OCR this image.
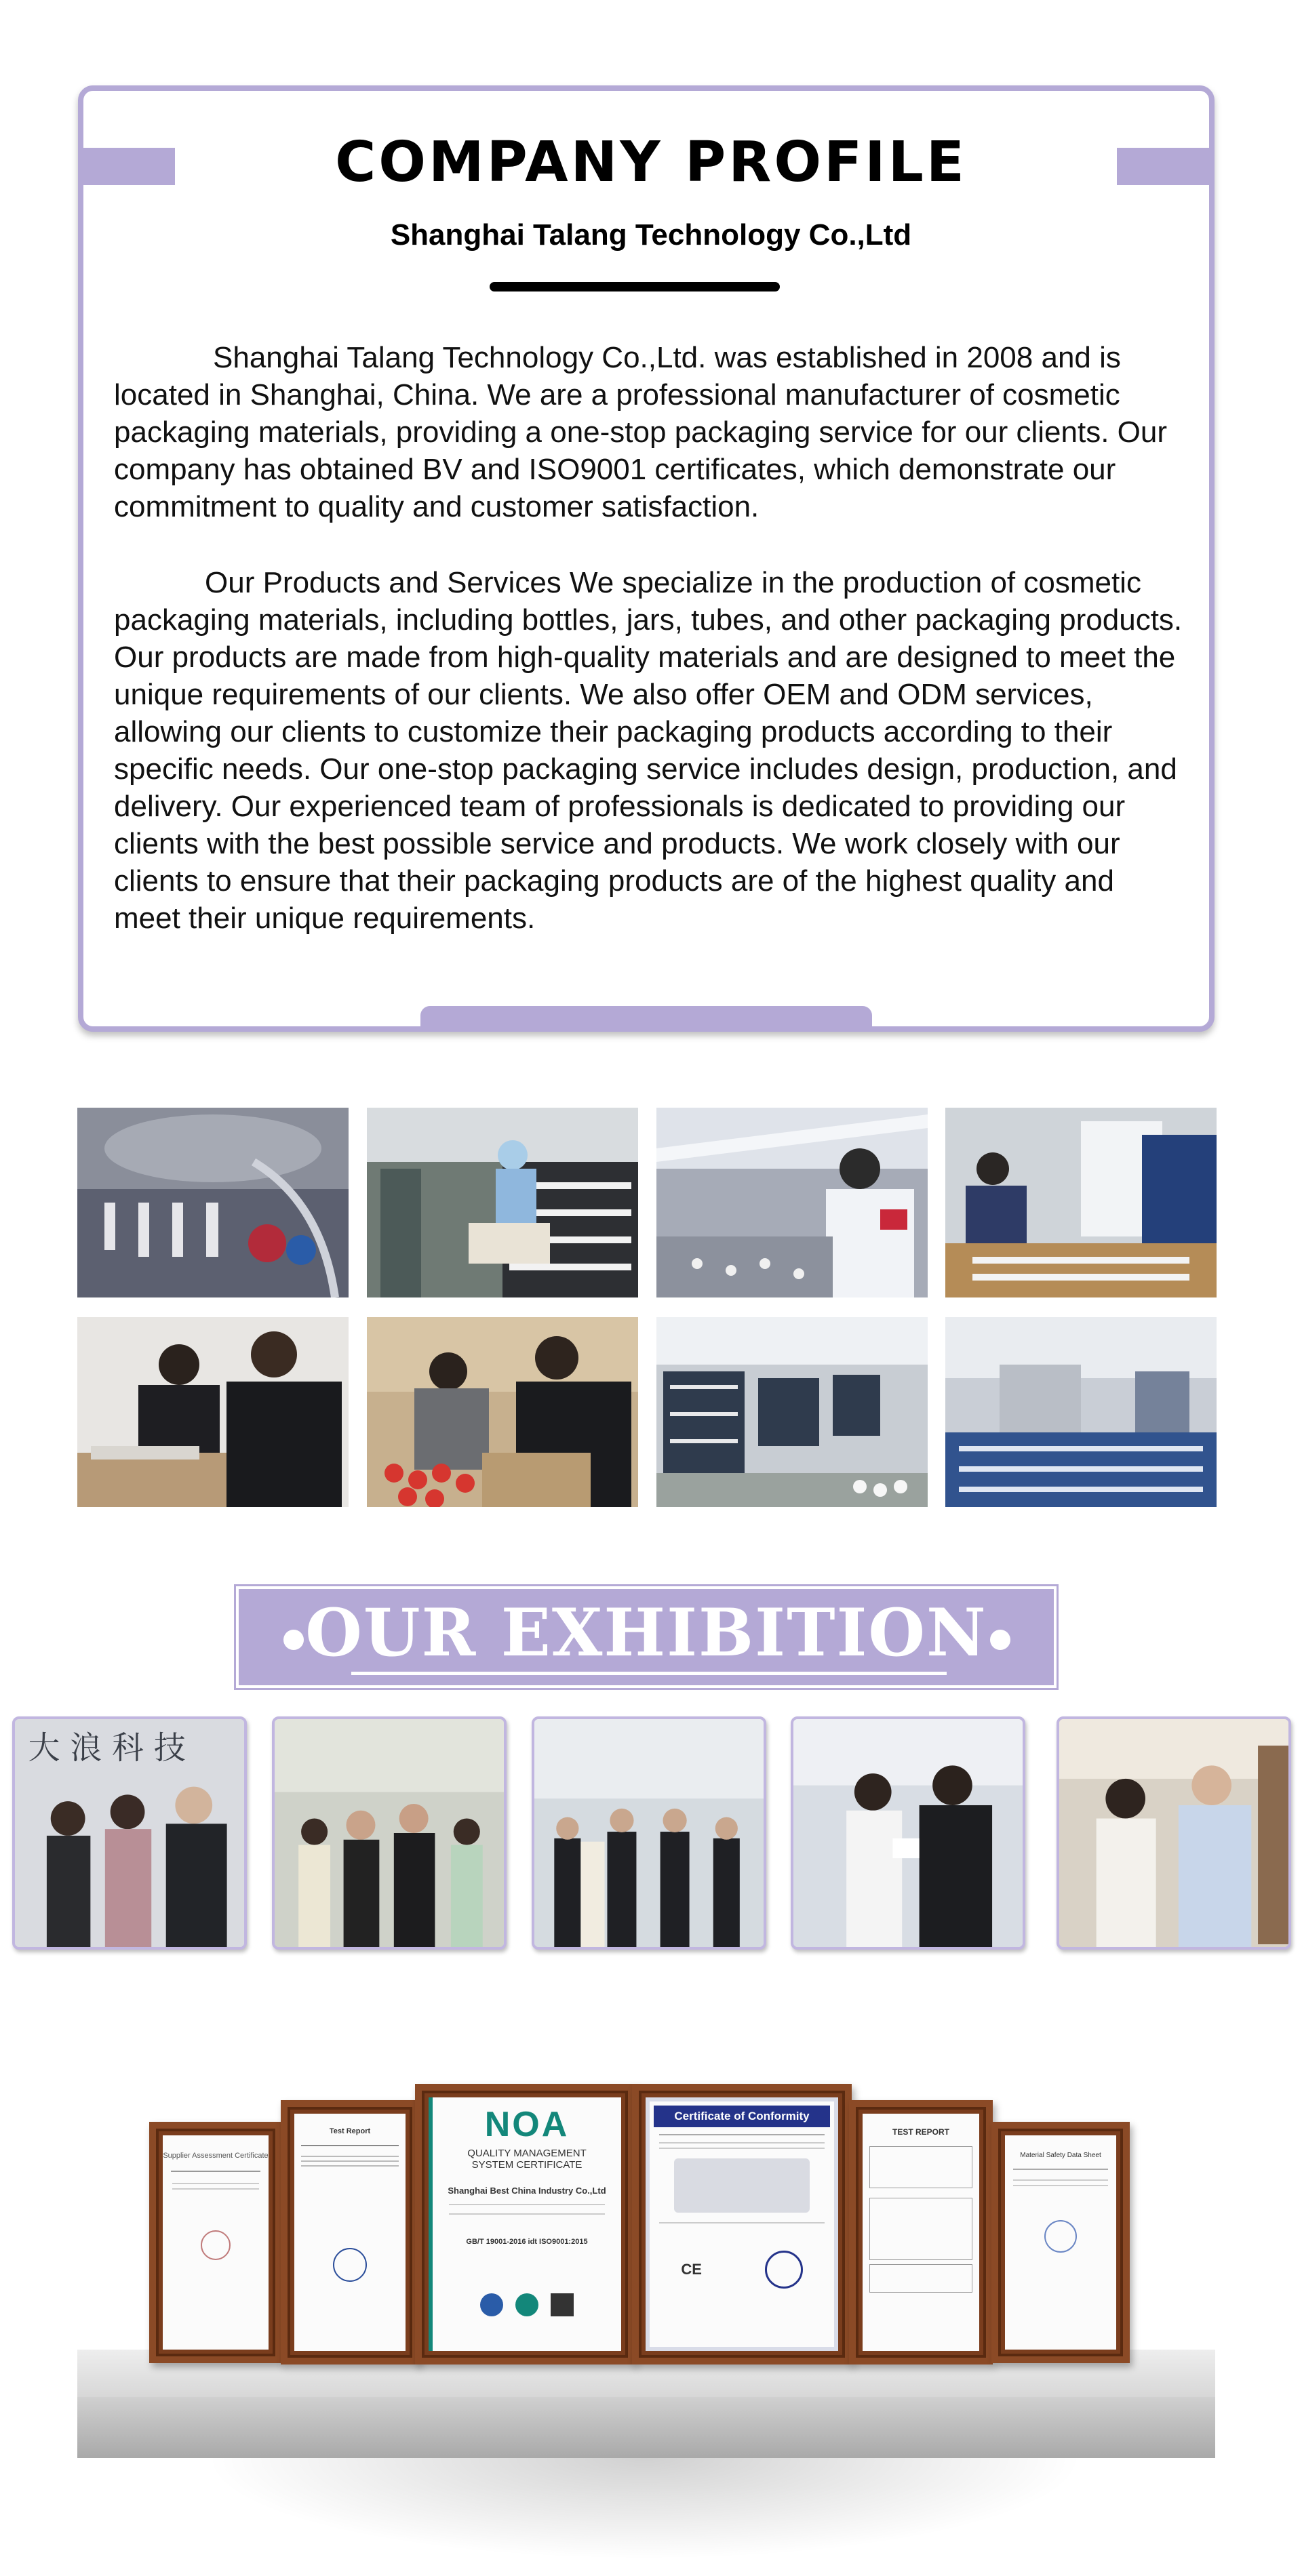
COMPANY PROFILE
Shanghai Talang Technology Co.,Ltd

Shanghai Talang Technology Co.,Ltd. was established in 2008 and is located in Shanghai, China. We are a professional manufacturer of cosmetic packaging materials, providing a one-stop packaging service for our clients. Our company has obtained BV and ISO9001 certificates, which demonstrate our commitment to quality and customer satisfaction.

Our Products and Services We specialize in the production of cosmetic packaging materials, including bottles, jars, tubes, and other packaging products. Our products are made from high-quality materials and are designed to meet the unique requirements of our clients. We also offer OEM and ODM services, allowing our clients to customize their packaging products according to their specific needs. Our one-stop packaging service includes design, production, and delivery. Our experienced team of professionals is dedicated to providing our clients with the best possible service and products. We work closely with our clients to ensure that their packaging products are of the highest quality and meet their unique requirements.

OUR EXHIBITION
大 浪 科 技
Supplier Assessment Certificate
Test Report	NOA
QUALITY MANAGEMENT SYSTEM CERTIFICATE
Shanghai Best China Industry Co.,Ltd
GB/T 19001-2016 idt ISO9001:2015
Certificate of Conformity
CE
TEST REPORT
Material Safety Data Sheet
